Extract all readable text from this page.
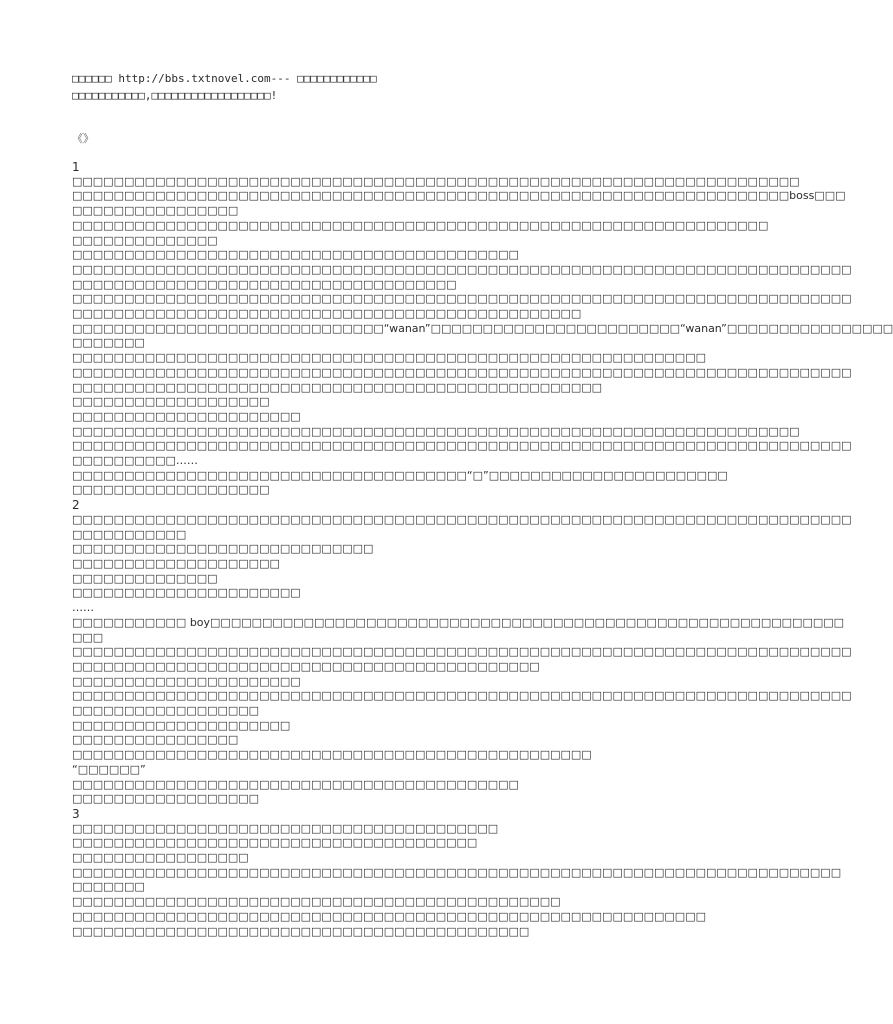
□□□□□□ http://bbs.txtnovel.com--- □□□□□□□□□□□□

□□□□□□□□□□□,□□□□□□□□□□□□□□□□□□!

《》

1

□□□□□□□□□□□□□□□□□□□□□□□□□□□□□□□□□□□□□□□□□□□□□□□□□□□□□□□□□□□□□□□□□□□□□□

□□□□□□□□□□□□□□□□□□□□□□□□□□□□□□□□□□□□□□□□□□□□□□□□□□□□□□□□□□□□□□□□□□□□□boss□□□

□□□□□□□□□□□□□□□□

□□□□□□□□□□□□□□□□□□□□□□□□□□□□□□□□□□□□□□□□□□□□□□□□□□□□□□□□□□□□□□□□□□□

□□□□□□□□□□□□□□

□□□□□□□□□□□□□□□□□□□□□□□□□□□□□□□□□□□□□□□□□□□

□□□□□□□□□□□□□□□□□□□□□□□□□□□□□□□□□□□□□□□□□□□□□□□□□□□□□□□□□□□□□□□□□□□□□□□□□□□

□□□□□□□□□□□□□□□□□□□□□□□□□□□□□□□□□□□□□

□□□□□□□□□□□□□□□□□□□□□□□□□□□□□□□□□□□□□□□□□□□□□□□□□□□□□□□□□□□□□□□□□□□□□□□□□□□

□□□□□□□□□□□□□□□□□□□□□□□□□□□□□□□□□□□□□□□□□□□□□□□□□

□□□□□□□□□□□□□□□□□□□□□□□□□□□□□□“wanan”□□□□□□□□□□□□□□□□□□□□□□□□“wanan”□□□□□□□□□□□□□□□□

□□□□□□□

□□□□□□□□□□□□□□□□□□□□□□□□□□□□□□□□□□□□□□□□□□□□□□□□□□□□□□□□□□□□□

□□□□□□□□□□□□□□□□□□□□□□□□□□□□□□□□□□□□□□□□□□□□□□□□□□□□□□□□□□□□□□□□□□□□□□□□□□□

□□□□□□□□□□□□□□□□□□□□□□□□□□□□□□□□□□□□□□□□□□□□□□□□□□□

□□□□□□□□□□□□□□□□□□□

□□□□□□□□□□□□□□□□□□□□□□

□□□□□□□□□□□□□□□□□□□□□□□□□□□□□□□□□□□□□□□□□□□□□□□□□□□□□□□□□□□□□□□□□□□□□□

□□□□□□□□□□□□□□□□□□□□□□□□□□□□□□□□□□□□□□□□□□□□□□□□□□□□□□□□□□□□□□□□□□□□□□□□□□□

□□□□□□□□□□……

□□□□□□□□□□□□□□□□□□□□□□□□□□□□□□□□□□□□□□“□”□□□□□□□□□□□□□□□□□□□□□□□

□□□□□□□□□□□□□□□□□□□

2

□□□□□□□□□□□□□□□□□□□□□□□□□□□□□□□□□□□□□□□□□□□□□□□□□□□□□□□□□□□□□□□□□□□□□□□□□□□

□□□□□□□□□□□

□□□□□□□□□□□□□□□□□□□□□□□□□□□□□

□□□□□□□□□□□□□□□□□□□□

□□□□□□□□□□□□□□

□□□□□□□□□□□□□□□□□□□□□□

……

□□□□□□□□□□□ boy□□□□□□□□□□□□□□□□□□□□□□□□□□□□□□□□□□□□□□□□□□□□□□□□□□□□□□□□□□□□□

□□□

□□□□□□□□□□□□□□□□□□□□□□□□□□□□□□□□□□□□□□□□□□□□□□□□□□□□□□□□□□□□□□□□□□□□□□□□□□□

□□□□□□□□□□□□□□□□□□□□□□□□□□□□□□□□□□□□□□□□□□□□□

□□□□□□□□□□□□□□□□□□□□□□

□□□□□□□□□□□□□□□□□□□□□□□□□□□□□□□□□□□□□□□□□□□□□□□□□□□□□□□□□□□□□□□□□□□□□□□□□□□

□□□□□□□□□□□□□□□□□□

□□□□□□□□□□□□□□□□□□□□□

□□□□□□□□□□□□□□□□

□□□□□□□□□□□□□□□□□□□□□□□□□□□□□□□□□□□□□□□□□□□□□□□□□□

“□□□□□□”

□□□□□□□□□□□□□□□□□□□□□□□□□□□□□□□□□□□□□□□□□□□

□□□□□□□□□□□□□□□□□□

3

□□□□□□□□□□□□□□□□□□□□□□□□□□□□□□□□□□□□□□□□□

□□□□□□□□□□□□□□□□□□□□□□□□□□□□□□□□□□□□□□□

□□□□□□□□□□□□□□□□□

□□□□□□□□□□□□□□□□□□□□□□□□□□□□□□□□□□□□□□□□□□□□□□□□□□□□□□□□□□□□□□□□□□□□□□□□□□

□□□□□□□

□□□□□□□□□□□□□□□□□□□□□□□□□□□□□□□□□□□□□□□□□□□□□□□

□□□□□□□□□□□□□□□□□□□□□□□□□□□□□□□□□□□□□□□□□□□□□□□□□□□□□□□□□□□□□

□□□□□□□□□□□□□□□□□□□□□□□□□□□□□□□□□□□□□□□□□□□□
